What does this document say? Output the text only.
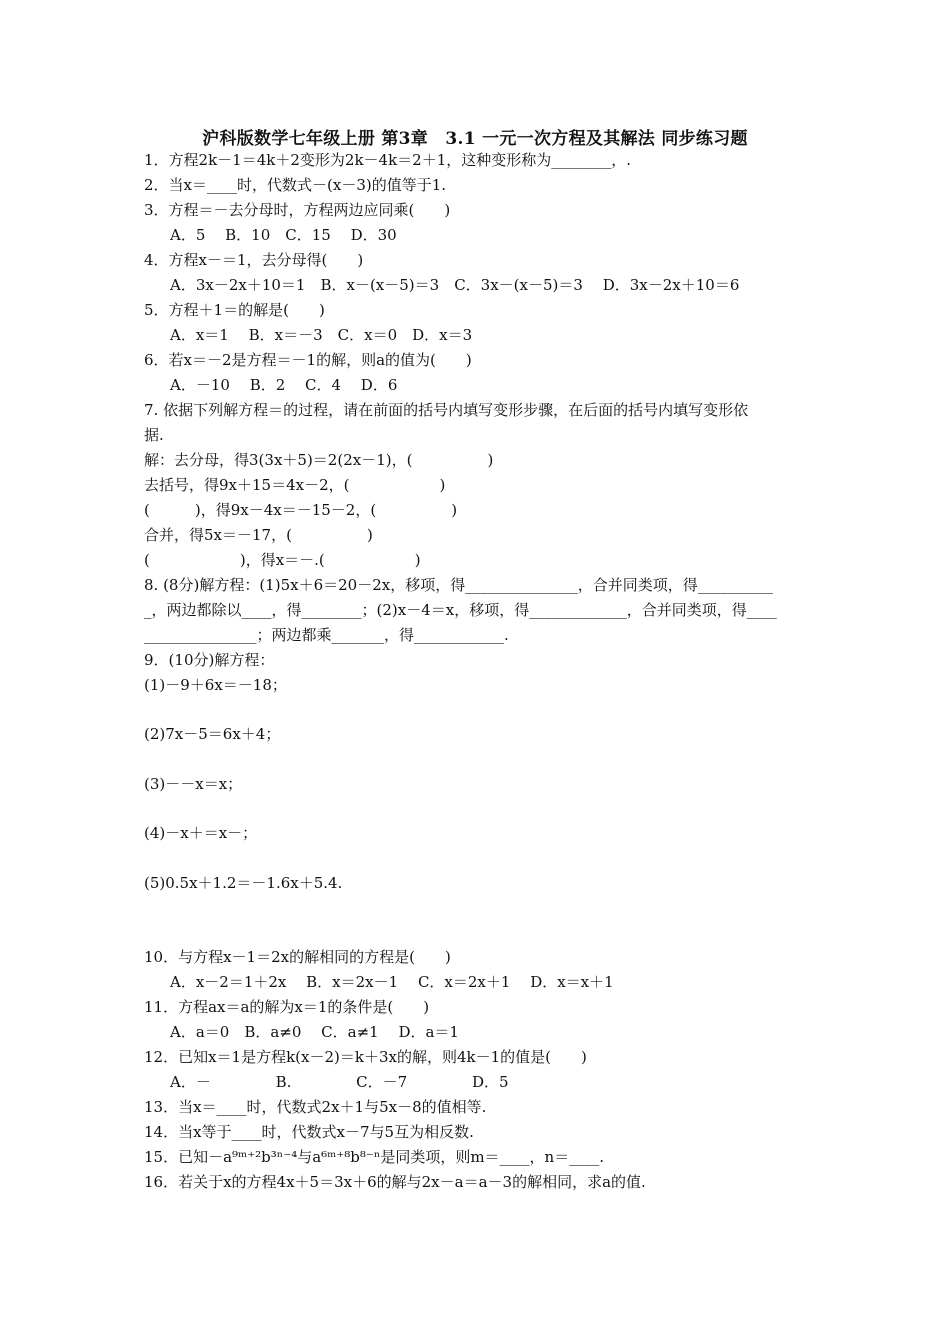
沪科版数学七年级上册 第3章　3.1 一元一次方程及其解法 同步练习题
1．方程2k－1＝4k＋2变形为2k－4k＝2＋1，这种变形称为________，.
2．当x＝____时，代数式－(x－3)的值等于1.
3．方程＝－去分母时，方程两边应同乘(　　)
A．5　 B．10　C．15　 D．30
4．方程x－＝1，去分母得(　　)
A．3x－2x＋10＝1　B．x－(x－5)＝3　C．3x－(x－5)＝3　 D．3x－2x＋10＝6
5．方程＋1＝的解是(　　)
A．x＝1　 B．x＝－3　C．x＝0　D．x＝3
6．若x＝－2是方程＝－1的解，则a的值为(　　)
A．－10　 B．2　 C．4　 D．6
7. 依据下列解方程＝的过程，请在前面的括号内填写变形步骤，在后面的括号内填写变形依
据.
解：去分母，得3(3x＋5)＝2(2x－1)，(　　　　　)
去括号，得9x＋15＝4x－2，(　　　　　　)
(　　　)，得9x－4x＝－15－2，(　　　　　)
合并，得5x＝－17，(　　　　　)
(　　　　　　)，得x＝－.(　　　　　　)
8. (8分)解方程：(1)5x＋6＝20－2x，移项，得_______________，合并同类项，得__________
_，两边都除以____，得________；(2)x－4＝x，移项，得_____________，合并同类项，得____
_______________；两边都乘_______，得____________.
9．(10分)解方程：
(1)－9＋6x＝－18；
(2)7x－5＝6x＋4；
(3)－－x＝x；
(4)－x＋＝x－；
(5)0.5x＋1.2＝－1.6x＋5.4.
10．与方程x－1＝2x的解相同的方程是(　　)
A．x－2＝1＋2x　 B．x＝2x－1　 C．x＝2x＋1　 D．x＝x＋1
11．方程ax＝a的解为x＝1的条件是(　　)
A．a＝0　B．a≠0　 C．a≠1　 D．a＝1
12．已知x＝1是方程k(x－2)＝k＋3x的解，则4k－1的值是(　　)
A．－　　　　 B.　　　　 C．－7　　　　 D．5
13．当x＝____时，代数式2x＋1与5x－8的值相等.
14．当x等于____时，代数式x－7与5互为相反数.
15．已知－a⁹ᵐ⁺²b³ⁿ⁻⁴与a⁶ᵐ⁺⁸b⁸⁻ⁿ是同类项，则m＝____，n＝____.
16．若关于x的方程4x＋5＝3x＋6的解与2x－a＝a－3的解相同，求a的值.
